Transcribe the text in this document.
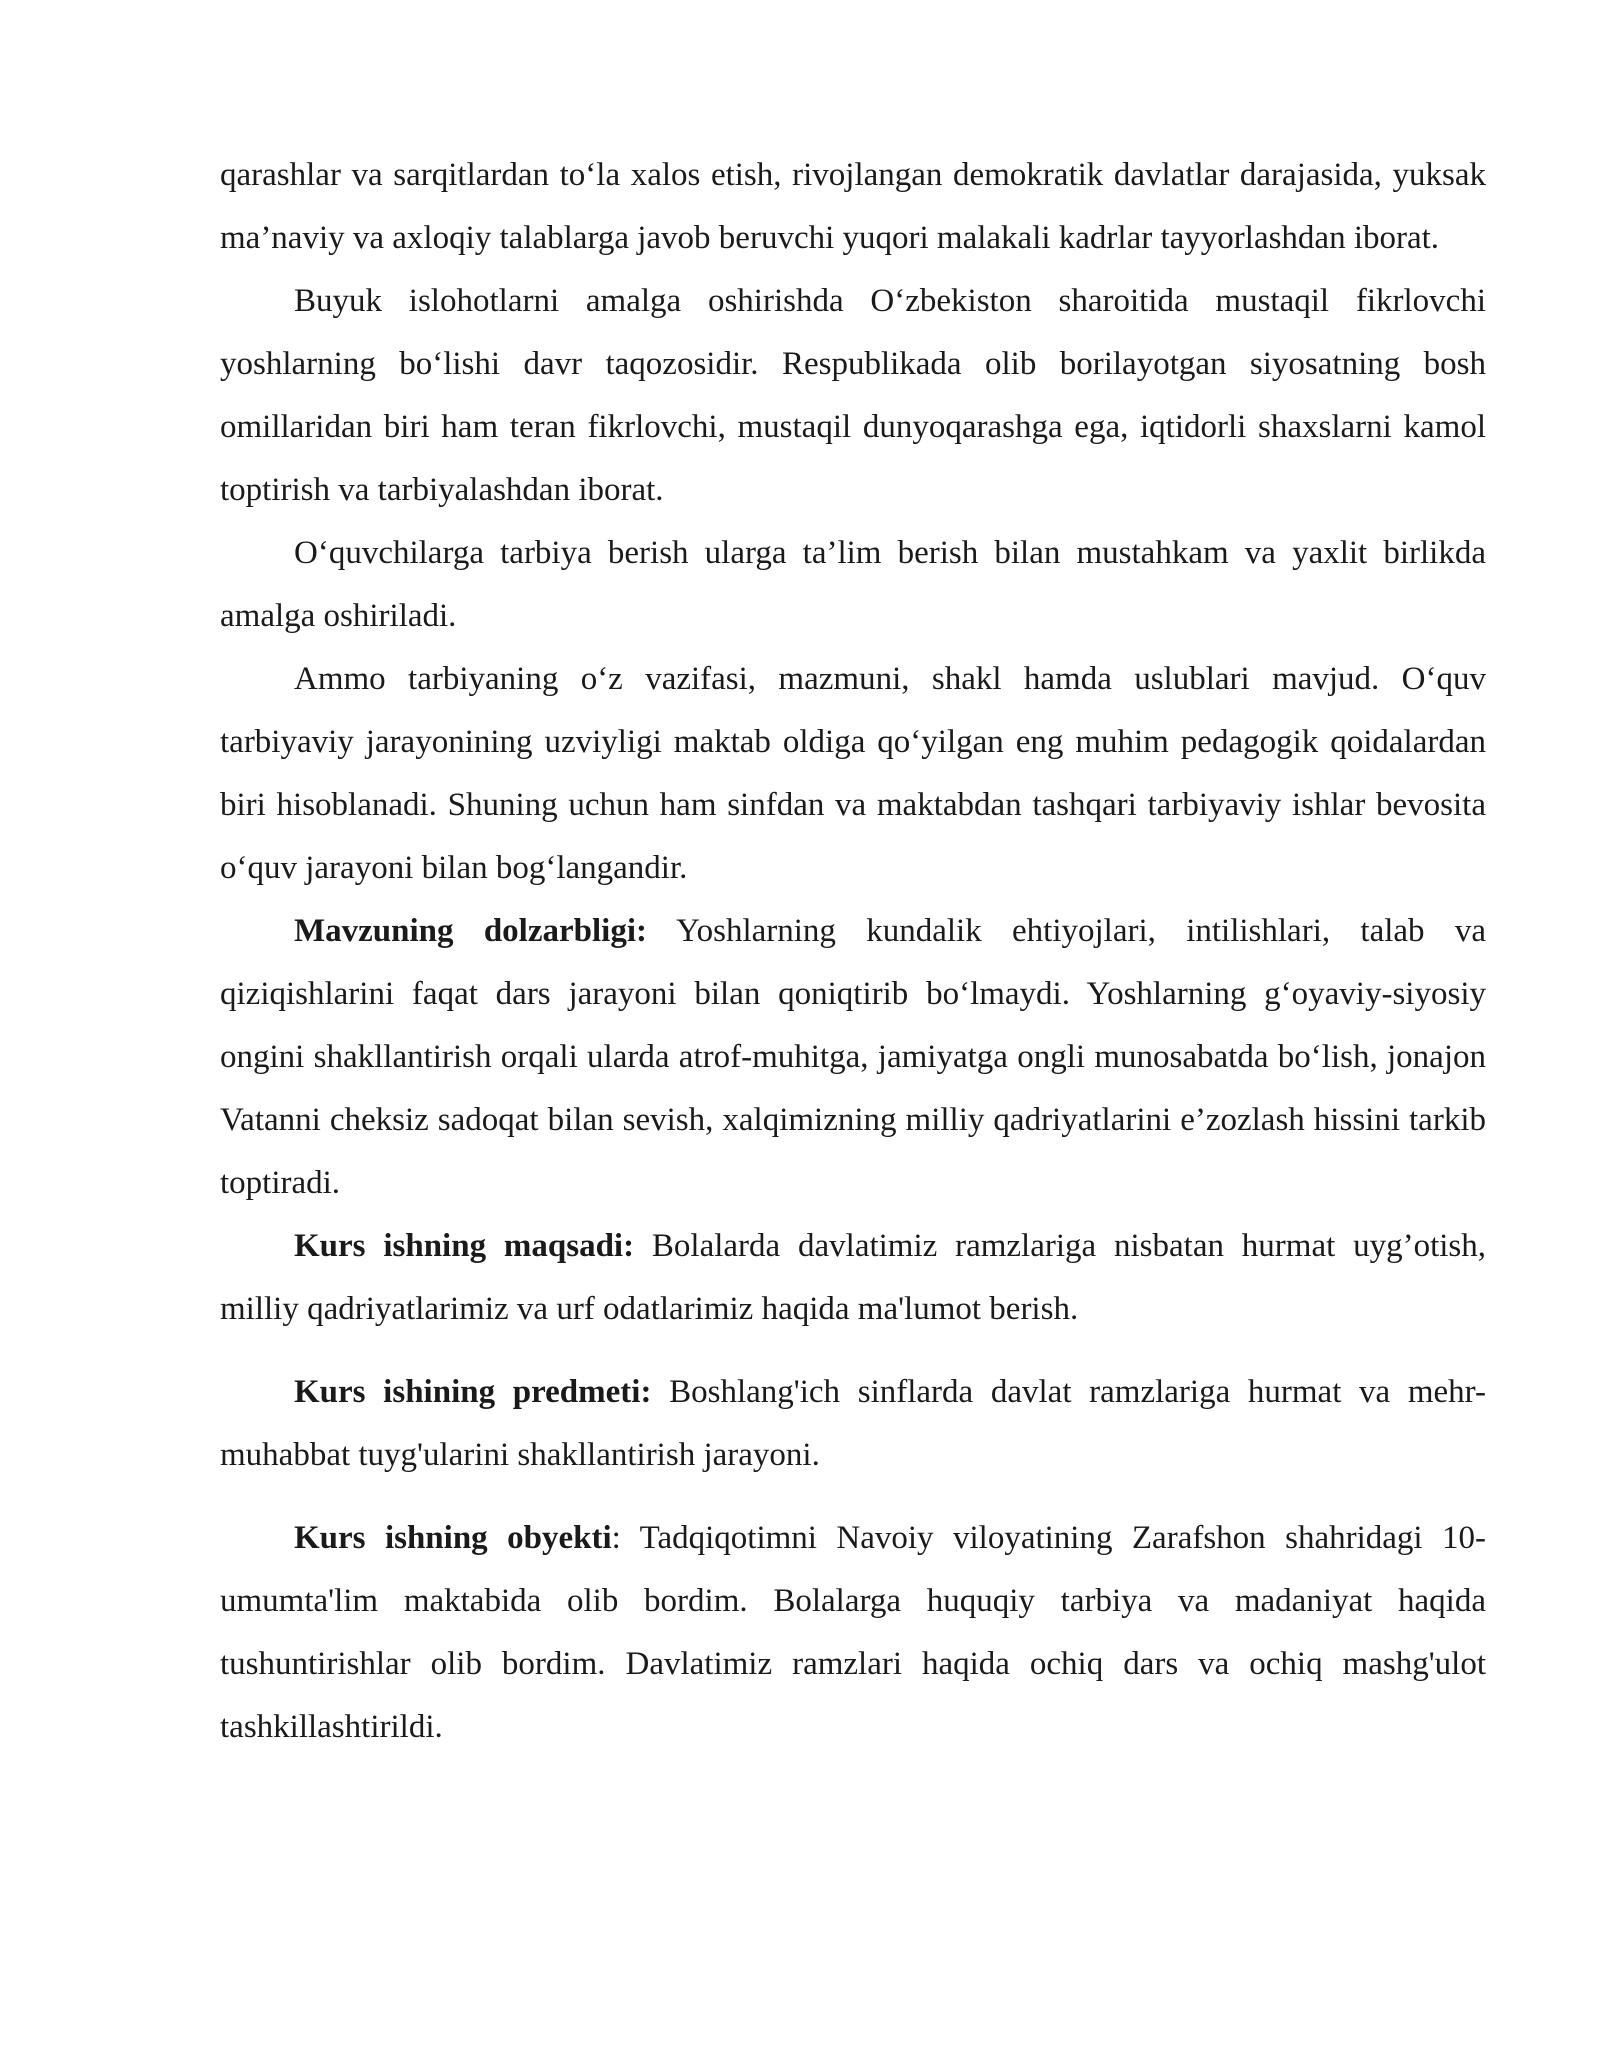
qarashlar va sarqitlardan to‘la xalos etish, rivojlangan demokratik davlatlar darajasida, yuksak ma’naviy va axloqiy talablarga javob beruvchi yuqori malakali kadrlar tayyorlashdan iborat.

Buyuk islohotlarni amalga oshirishda O‘zbekiston sharoitida mustaqil fikrlovchi yoshlarning bo‘lishi davr taqozosidir. Respublikada olib borilayotgan siyosatning bosh omillaridan biri ham teran fikrlovchi, mustaqil dunyoqarashga ega, iqtidorli shaxslarni kamol toptirish va tarbiyalashdan iborat.

O‘quvchilarga tarbiya berish ularga ta’lim berish bilan mustahkam va yaxlit birlikda amalga oshiriladi.

Ammo tarbiyaning o‘z vazifasi, mazmuni, shakl hamda uslublari mavjud. O‘quv tarbiyaviy jarayonining uzviyligi maktab oldiga qo‘yilgan eng muhim pedagogik qoidalardan biri hisoblanadi. Shuning uchun ham sinfdan va maktabdan tashqari tarbiyaviy ishlar bevosita o‘quv jarayoni bilan bog‘langandir.

Mavzuning dolzarbligi: Yoshlarning kundalik ehtiyojlari, intilishlari, talab va qiziqishlarini faqat dars jarayoni bilan qoniqtirib bo‘lmaydi. Yoshlarning g‘oyaviy-siyosiy ongini shakllantirish orqali ularda atrof-muhitga, jamiyatga ongli munosabatda bo‘lish, jonajon Vatanni cheksiz sadoqat bilan sevish, xalqimizning milliy qadriyatlarini e’zozlash hissini tarkib toptiradi.

Kurs ishning maqsadi: Bolalarda davlatimiz ramzlariga nisbatan hurmat uyg’otish, milliy qadriyatlarimiz va urf odatlarimiz haqida ma'lumot berish.

Kurs ishining predmeti: Boshlang'ich sinflarda davlat ramzlariga hurmat va mehr-muhabbat tuyg'ularini shakllantirish jarayoni.

Kurs ishning obyekti: Tadqiqotimni Navoiy viloyatining Zarafshon shahridagi 10-umumta'lim maktabida olib bordim. Bolalarga huquqiy tarbiya va madaniyat haqida tushuntirishlar olib bordim. Davlatimiz ramzlari haqida ochiq dars va ochiq mashg'ulot tashkillashtirildi.
